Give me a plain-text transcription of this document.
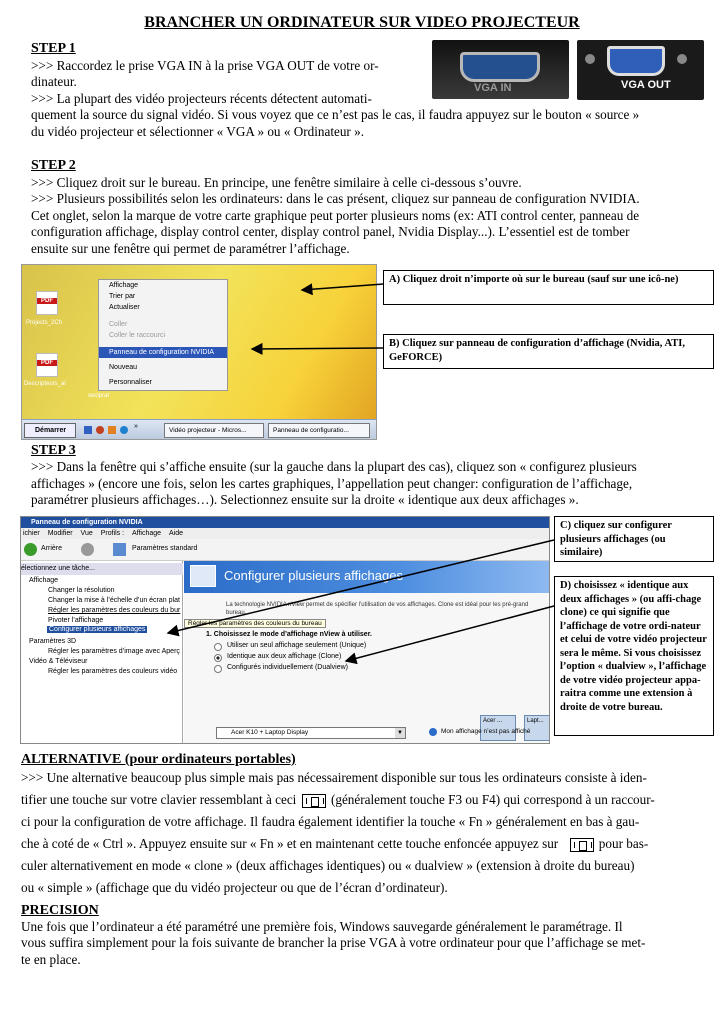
BRANCHER UN ORDINATEUR SUR VIDEO PROJECTEUR
STEP 1
>>> Raccordez le prise VGA IN à la prise VGA OUT de votre or-
dinateur.
>>> La plupart des vidéo projecteurs récents détectent automati-
quement la source du signal vidéo. Si vous voyez que ce n’est pas le cas, il faudra appuyez sur le bouton « source »
du vidéo projecteur et sélectionner « VGA » ou « Ordinateur ».
VGA IN	VGA OUT
STEP 2
>>> Cliquez droit sur le bureau. En principe, une fenêtre similaire à celle ci-dessous s’ouvre.
>>> Plusieurs possibilités selon les ordinateurs: dans le cas présent, cliquez sur panneau de configuration NVIDIA.
Cet onglet, selon la marque de votre carte graphique peut porter plusieurs noms (ex: ATI control center, panneau de
configuration affichage, display control center, display control panel, Nvidia Display...). L’essentiel est de tomber
ensuite sur une fenêtre qui permet de paramétrer l’affichage.
PDF
Projects_2Ch
PDF
Descripteurs_al
seciprat
Affichage
Trier par
Actualiser
Coller
Coller le raccourci
Panneau de configuration NVIDIA
Nouveau
Personnaliser
Démarrer
»
Vidéo projecteur - Micros...	Panneau de configuratio...
A) Cliquez droit n’importe où sur le bureau (sauf sur une icô-ne)
B) Cliquez sur panneau de configuration d’affichage (Nvidia, ATI, GeFORCE)
STEP 3
>>> Dans la fenêtre qui s’affiche ensuite (sur la gauche dans la plupart des cas), cliquez son « configurez plusieurs
affichages » (encore une fois, selon les cartes graphiques, l’appellation peut changer: configuration de l’affichage,
paramétrer plusieurs affichages…). Selectionnez ensuite sur la droite « identique aux deux affichages ».
Panneau de configuration NVIDIA
ichier Modifier Vue Profils : Affichage Aide
Arrière	Paramètres standard
électionnez une tâche...
Affichage
Changer la résolution
Changer la mise à l’échelle d’un écran plat
Régler les paramètres des couleurs du bur
Pivoter l’affichage
Configurer plusieurs affichages
Paramètres 3D
Régler les paramètres d’image avec Aperç
Vidéo & Téléviseur
Régler les paramètres des couleurs vidéo
Configurer plusieurs affichages
La technologie NVIDIA nView permet de spécifier l’utilisation de vos affichages. Clone est idéal pour les pré-grand bureau.
Régler les paramètres des couleurs du bureau
1. Choisissez le mode d’affichage nView à utiliser.
Utiliser un seul affichage seulement (Unique)
Identique aux deux affichage (Clone)
Configurés individuellement (Dualview)
Acer ...	Lapt...
Acer K10 + Laptop Display	▼	Mon affichage n’est pas affiché
C) cliquez sur configurer plusieurs affichages (ou similaire)
D) choisissez « identique aux deux affichages » (ou affi-chage clone) ce qui signifie que l’affichage de votre ordi-nateur et celui de votre vidéo projecteur sera le même. Si vous choisissez l’option « dualview », l’affichage de votre vidéo projecteur appa-raitra comme une extension à droite de votre bureau.
ALTERNATIVE (pour ordinateurs portables)
>>> Une alternative beaucoup plus simple mais pas nécessairement disponible sur tous les ordinateurs consiste à iden-
tifier une touche sur votre clavier ressemblant à ceci	(généralement touche F3 ou F4) qui correspond à un raccour-
ci pour la configuration de votre affichage. Il faudra également identifier la touche « Fn » généralement en bas à gau-
che à coté de « Ctrl ». Appuyez ensuite sur « Fn » et en maintenant cette touche enfoncée appuyez sur	pour bas-
culer alternativement en mode « clone » (deux affichages identiques) ou « dualview » (extension à droite du bureau)
ou « simple » (affichage que du vidéo projecteur ou que de l’écran d’ordinateur).
PRECISION
Une fois que l’ordinateur a été paramétré une première fois, Windows sauvegarde généralement le paramétrage. Il
vous suffira simplement pour la fois suivante de brancher la prise VGA à votre ordinateur pour que l’affichage se met-
te en place.
